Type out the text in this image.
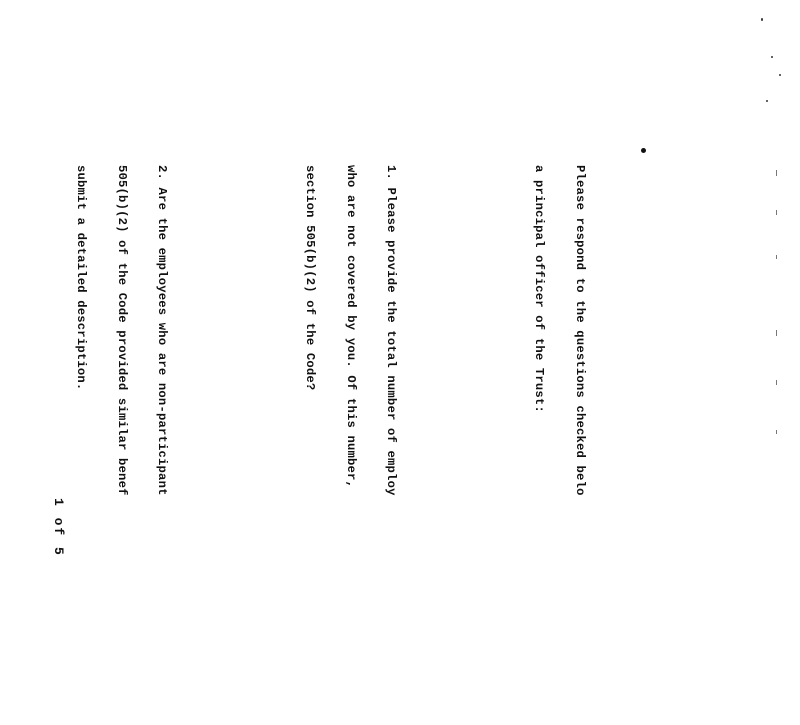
Please respond to the questions checked belo

a principal officer of the Trust:

1. Please provide the total number of employ

who are not covered by you. Of this number,

section 505(b)(2) of the Code?

2. Are the employees who are non-participant

505(b)(2) of the Code provided similar benef

submit a detailed description.

1 of 5
